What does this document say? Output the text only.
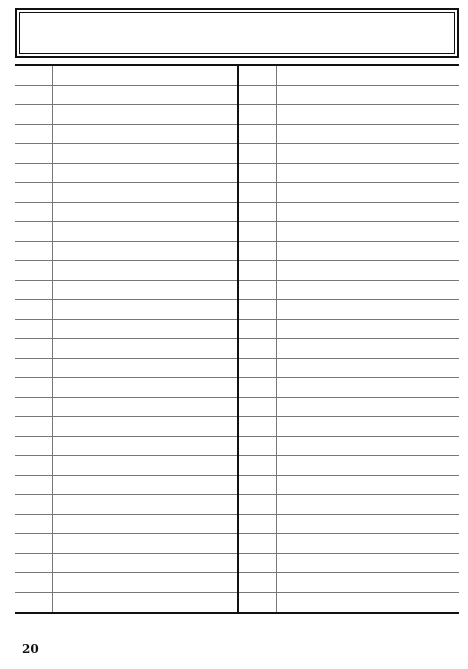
20
